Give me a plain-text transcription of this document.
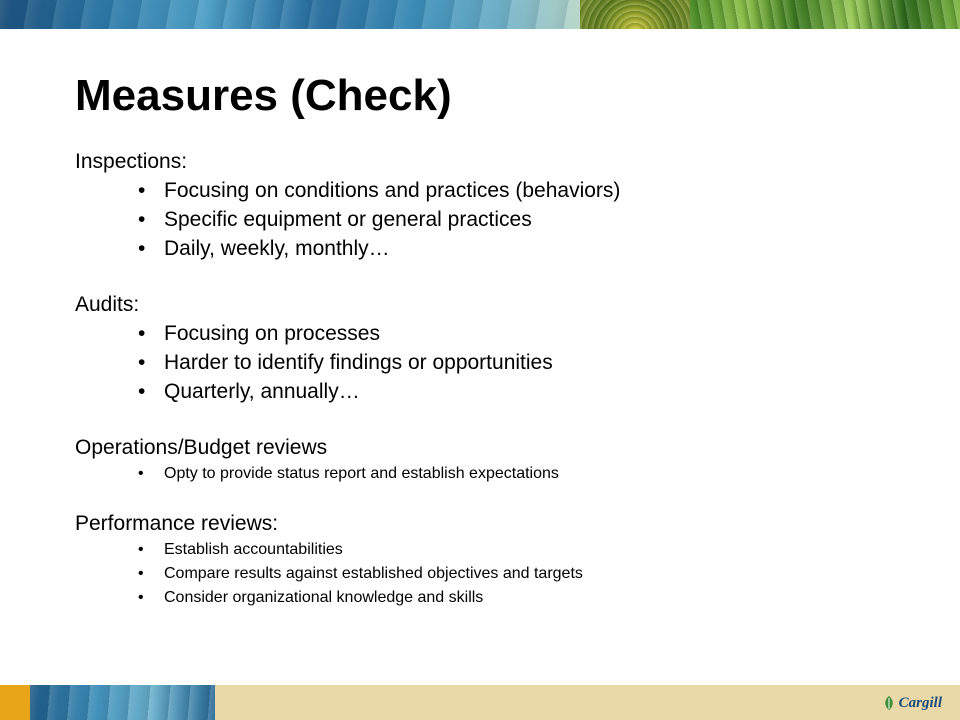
Measures (Check)

Inspections:

• Focusing on conditions and practices (behaviors)
• Specific equipment or general practices
• Daily, weekly, monthly…

Audits:

• Focusing on processes
• Harder to identify findings or opportunities
• Quarterly, annually…

Operations/Budget reviews

• Opty to provide status report and establish expectations

Performance reviews:

• Establish accountabilities
• Compare results against established objectives and targets
• Consider organizational knowledge and skills
Cargill
